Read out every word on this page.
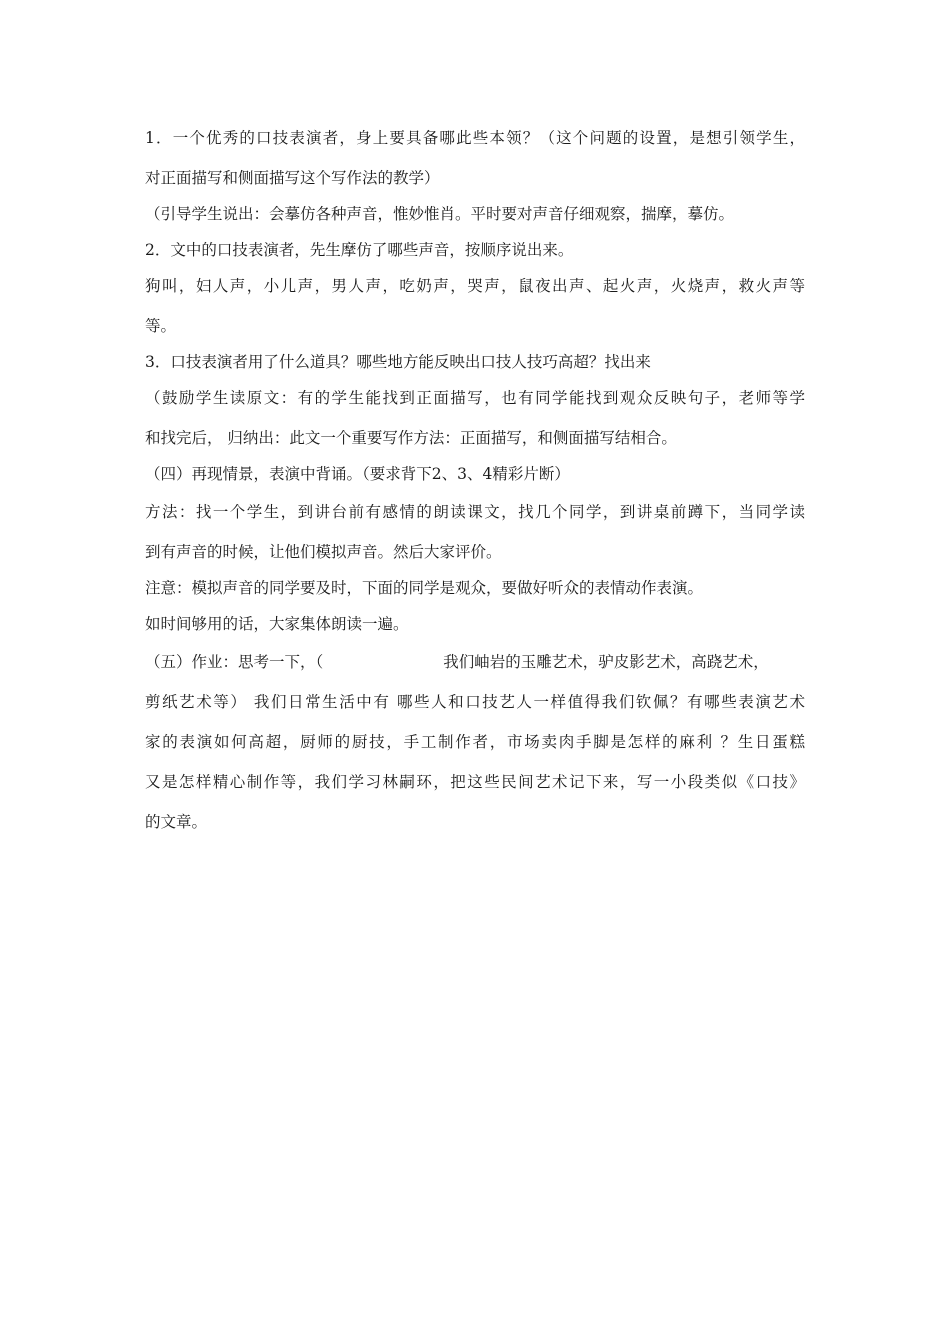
1．一个优秀的口技表演者，身上要具备哪此些本领？（这个问题的设置，是想引领学生，
对正面描写和侧面描写这个写作法的教学）
（引导学生说出：会摹仿各种声音，惟妙惟肖。平时要对声音仔细观察，揣摩，摹仿。
2．文中的口技表演者，先生摩仿了哪些声音，按顺序说出来。
狗叫，妇人声，小儿声，男人声，吃奶声，哭声，鼠夜出声、起火声，火烧声，救火声等
等。
3．口技表演者用了什么道具？哪些地方能反映出口技人技巧高超？找出来
（鼓励学生读原文：有的学生能找到正面描写，也有同学能找到观众反映句子，老师等学
和找完后， 归纳出：此文一个重要写作方法：正面描写，和侧面描写结相合。
（四）再现情景，表演中背诵。（要求背下2、3、4精彩片断）
方法：找一个学生，到讲台前有感情的朗读课文，找几个同学，到讲桌前蹲下，当同学读
到有声音的时候，让他们模拟声音。然后大家评价。
注意：模拟声音的同学要及时，下面的同学是观众，要做好听众的表情动作表演。
如时间够用的话，大家集体朗读一遍。
（五）作业：思考一下，（	我们岫岩的玉雕艺术，驴皮影艺术，高跷艺术，
剪纸艺术等） 我们日常生活中有 哪些人和口技艺人一样值得我们钦佩？有哪些表演艺术
家的表演如何高超，厨师的厨技，手工制作者，市场卖肉手脚是怎样的麻利 ？生日蛋糕
又是怎样精心制作等，我们学习林嗣环，把这些民间艺术记下来，写一小段类似《口技》
的文章。
